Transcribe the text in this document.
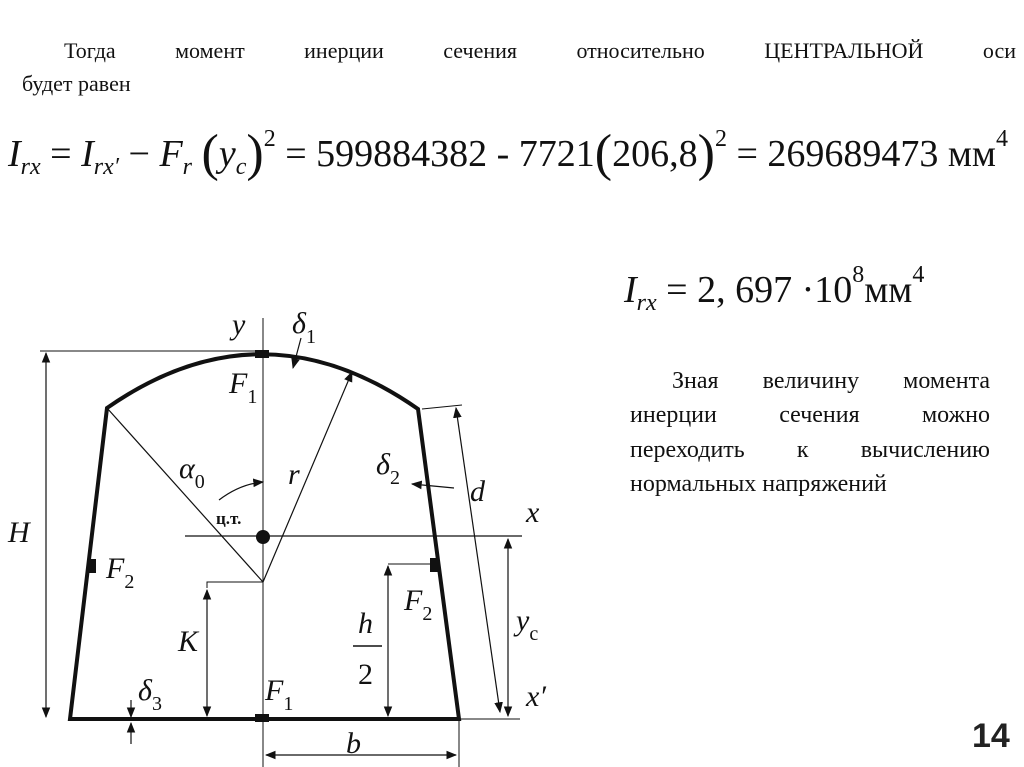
Тогда момент инерции сечения относительно ЦЕНТРАЛЬНОЙ оси
будет равен

$I_{rx} = I_{rx'} - F_r$ $(y_c)^2 = 599884382 - 7721(206,8)^2 = 269689473$ $мм^4$
$I_{rx} = 2$, $697 \cdot 10^8мм^4$

Зная величину момента
инерции сечения можно
переходить к вычислению
нормальных напряжений

y $\delta_1$
$F_1$
$\alpha_0$	r	$\delta_2$ d
x
ц.т.
H
$F_2$
$F_2$	$y_c$
K
h
2
$\delta_3$	$F_1$	x′
b	14
